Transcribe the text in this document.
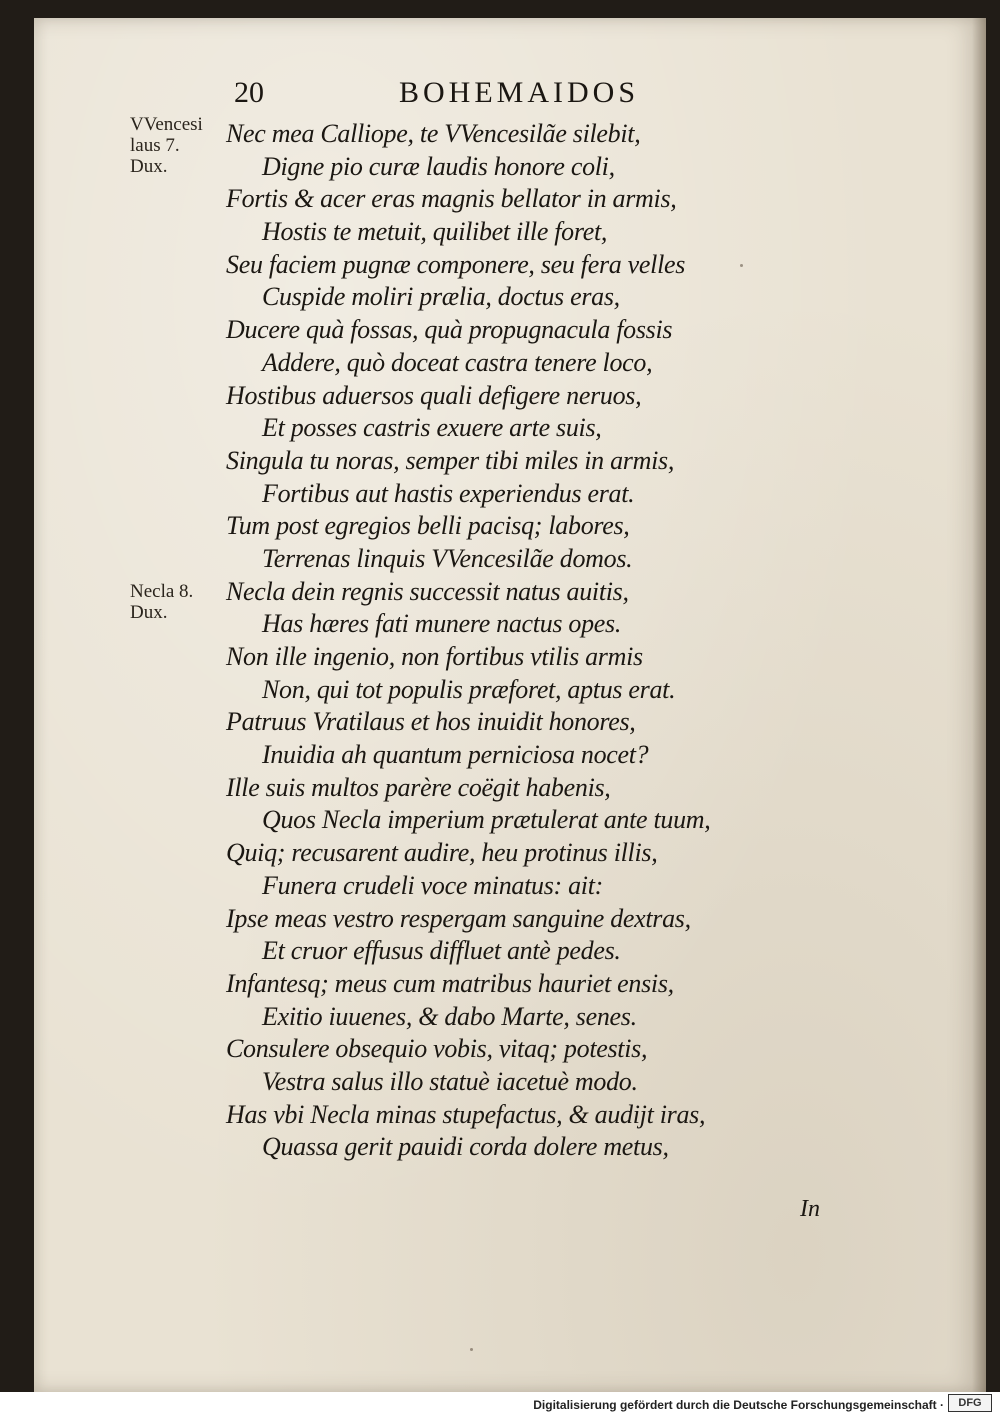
20	BOHEMAIDOS
VVencesi
laus 7.
Dux.
Necla 8.
Dux.
Nec mea Calliope, te VVencesilãe silebit,
Digne pio curæ laudis honore coli,
Fortis & acer eras magnis bellator in armis,
Hostis te metuit, quilibet ille foret,
Seu faciem pugnæ componere, seu fera velles
Cuspide moliri prælia, doctus eras,
Ducere quà fossas, quà propugnacula fossis
Addere, quò doceat castra tenere loco,
Hostibus aduersos quali defigere neruos,
Et posses castris exuere arte suis,
Singula tu noras, semper tibi miles in armis,
Fortibus aut hastis experiendus erat.
Tum post egregios belli pacisq; labores,
Terrenas linquis VVencesilãe domos.
Necla dein regnis successit natus auitis,
Has hæres fati munere nactus opes.
Non ille ingenio, non fortibus vtilis armis
Non, qui tot populis præforet, aptus erat.
Patruus Vratilaus et hos inuidit honores,
Inuidia ah quantum perniciosa nocet?
Ille suis multos parère coëgit habenis,
Quos Necla imperium prætulerat ante tuum,
Quiq; recusarent audire, heu protinus illis,
Funera crudeli voce minatus: ait:
Ipse meas vestro respergam sanguine dextras,
Et cruor effusus diffluet antè pedes.
Infantesq; meus cum matribus hauriet ensis,
Exitio iuuenes, & dabo Marte, senes.
Consulere obsequio vobis, vitaq; potestis,
Vestra salus illo statuè iacetuè modo.
Has vbi Necla minas stupefactus, & audijt iras,
Quassa gerit pauidi corda dolere metus,
In
Digitalisierung gefördert durch die Deutsche Forschungsgemeinschaft ·	DFG
